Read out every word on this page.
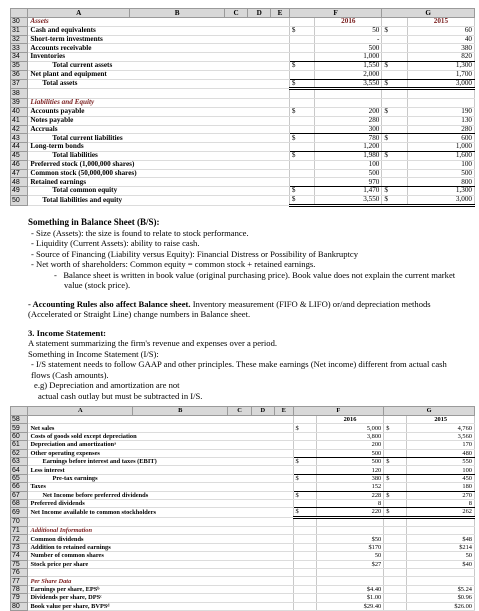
	A	B	C	D	E	F		G	
30	Assets						2016		2015
31	Cash and equivalents					$	50	$	60
32	Short-term investments						-		40
33	Accounts receivable						500		380
34	Inventories						1,000		820
35	Total current assets					$	1,550	$	1,300
36	Net plant and equipment						2,000		1,700
37	Total assets					$	3,550	$	3,000
38									
39	Liabilities and Equity								
40	Accounts payable					$	200	$	190
41	Notes payable						280		130
42	Accruals						300		280
43	Total current liabilities					$	780	$	600
44	Long-term bonds						1,200		1,000
45	Total liabilities					$	1,980	$	1,600
46	Preferred stock (1,000,000 shares)						100		100
47	Common stock (50,000,000 shares)						500		500
48	Retained earnings						970		800
49	Total common equity					$	1,470	$	1,300
50	Total liabilities and equity					$	3,550	$	3,000
Something in Balance Sheet (B/S):

- Size (Assets): the size is found to relate to stock performance.

- Liquidity (Current Assets): ability to raise cash.

- Source of Financing (Liability versus Equity): Financial Distress or Possibility of Bankruptcy

- Net worth of shareholders: Common equity = common stock + retained earnings.

-   Balance sheet is written in book value (original purchasing price). Book value does not explain the current market value (stock price).

- Accounting Rules also affect Balance sheet. Inventory measurement (FIFO & LIFO) or/and depreciation methods (Accelerated or Straight Line) change numbers in Balance sheet.

3. Income Statement:

A statement summarizing the firm's revenue and expenses over a period.

Something in Income Statement (I/S):

- I/S statement needs to follow GAAP and other principles. These make earnings (Net income) different from actual cash flows (Cash amounts).

e.g) Depreciation and amortization are not

actual cash outlay but must be subtracted in I/S.

	A	B	C	D	E	F		G	
58							2016		2015
59	Net sales					$	5,000	$	4,760
60	Costs of goods sold except depreciation						3,800		3,560
61	Depreciation and amortizationᵃ						200		170
62	Other operating expenses						500		480
63	Earnings before interest and taxes (EBIT)					$	500	$	550
64	Less interest						120		100
65	Pre-tax earnings					$	380	$	450
66	Taxes						152		180
67	Net Income before preferred dividends					$	228	$	270
68	Preferred dividends						8		8
69	Net Income available to common stockholders					$	220	$	262
70									
71	Additional Information								
72	Common dividends						$50		$48
73	Addition to retained earnings						$170		$214
74	Number of common shares						50		50
75	Stock price per share						$27		$40
76									
77	Per Share Data								
78	Earnings per share, EPSᵇ						$4.40		$5.24
79	Dividends per share, DPSᶜ						$1.00		$0.96
80	Book value per share, BVPSᵈ						$29.40		$26.00
